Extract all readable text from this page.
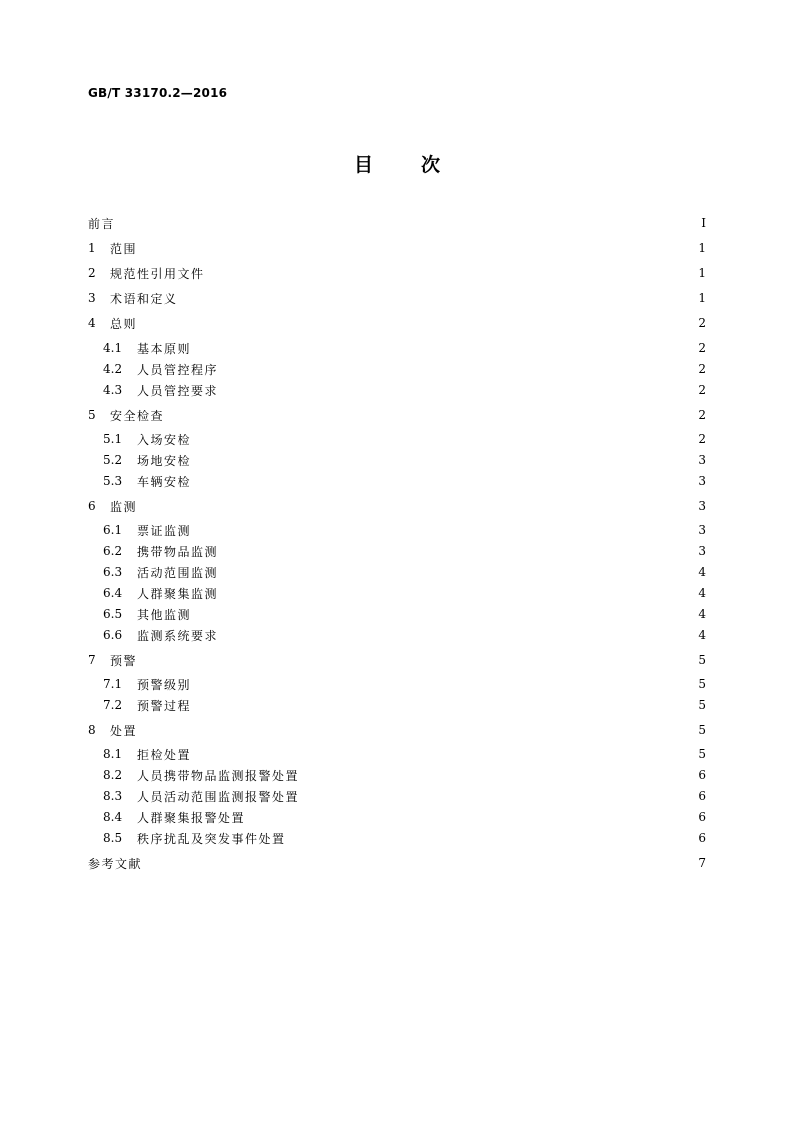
GB/T 33170.2—2016
目	次
前言	Ⅰ
1	范围	1
2	规范性引用文件	1
3	术语和定义	1
4	总则	2
4.1	基本原则	2
4.2	人员管控程序	2
4.3	人员管控要求	2
5	安全检查	2
5.1	入场安检	2
5.2	场地安检	3
5.3	车辆安检	3
6	监测	3
6.1	票证监测	3
6.2	携带物品监测	3
6.3	活动范围监测	4
6.4	人群聚集监测	4
6.5	其他监测	4
6.6	监测系统要求	4
7	预警	5
7.1	预警级别	5
7.2	预警过程	5
8	处置	5
8.1	拒检处置	5
8.2	人员携带物品监测报警处置	6
8.3	人员活动范围监测报警处置	6
8.4	人群聚集报警处置	6
8.5	秩序扰乱及突发事件处置	6
参考文献	7
